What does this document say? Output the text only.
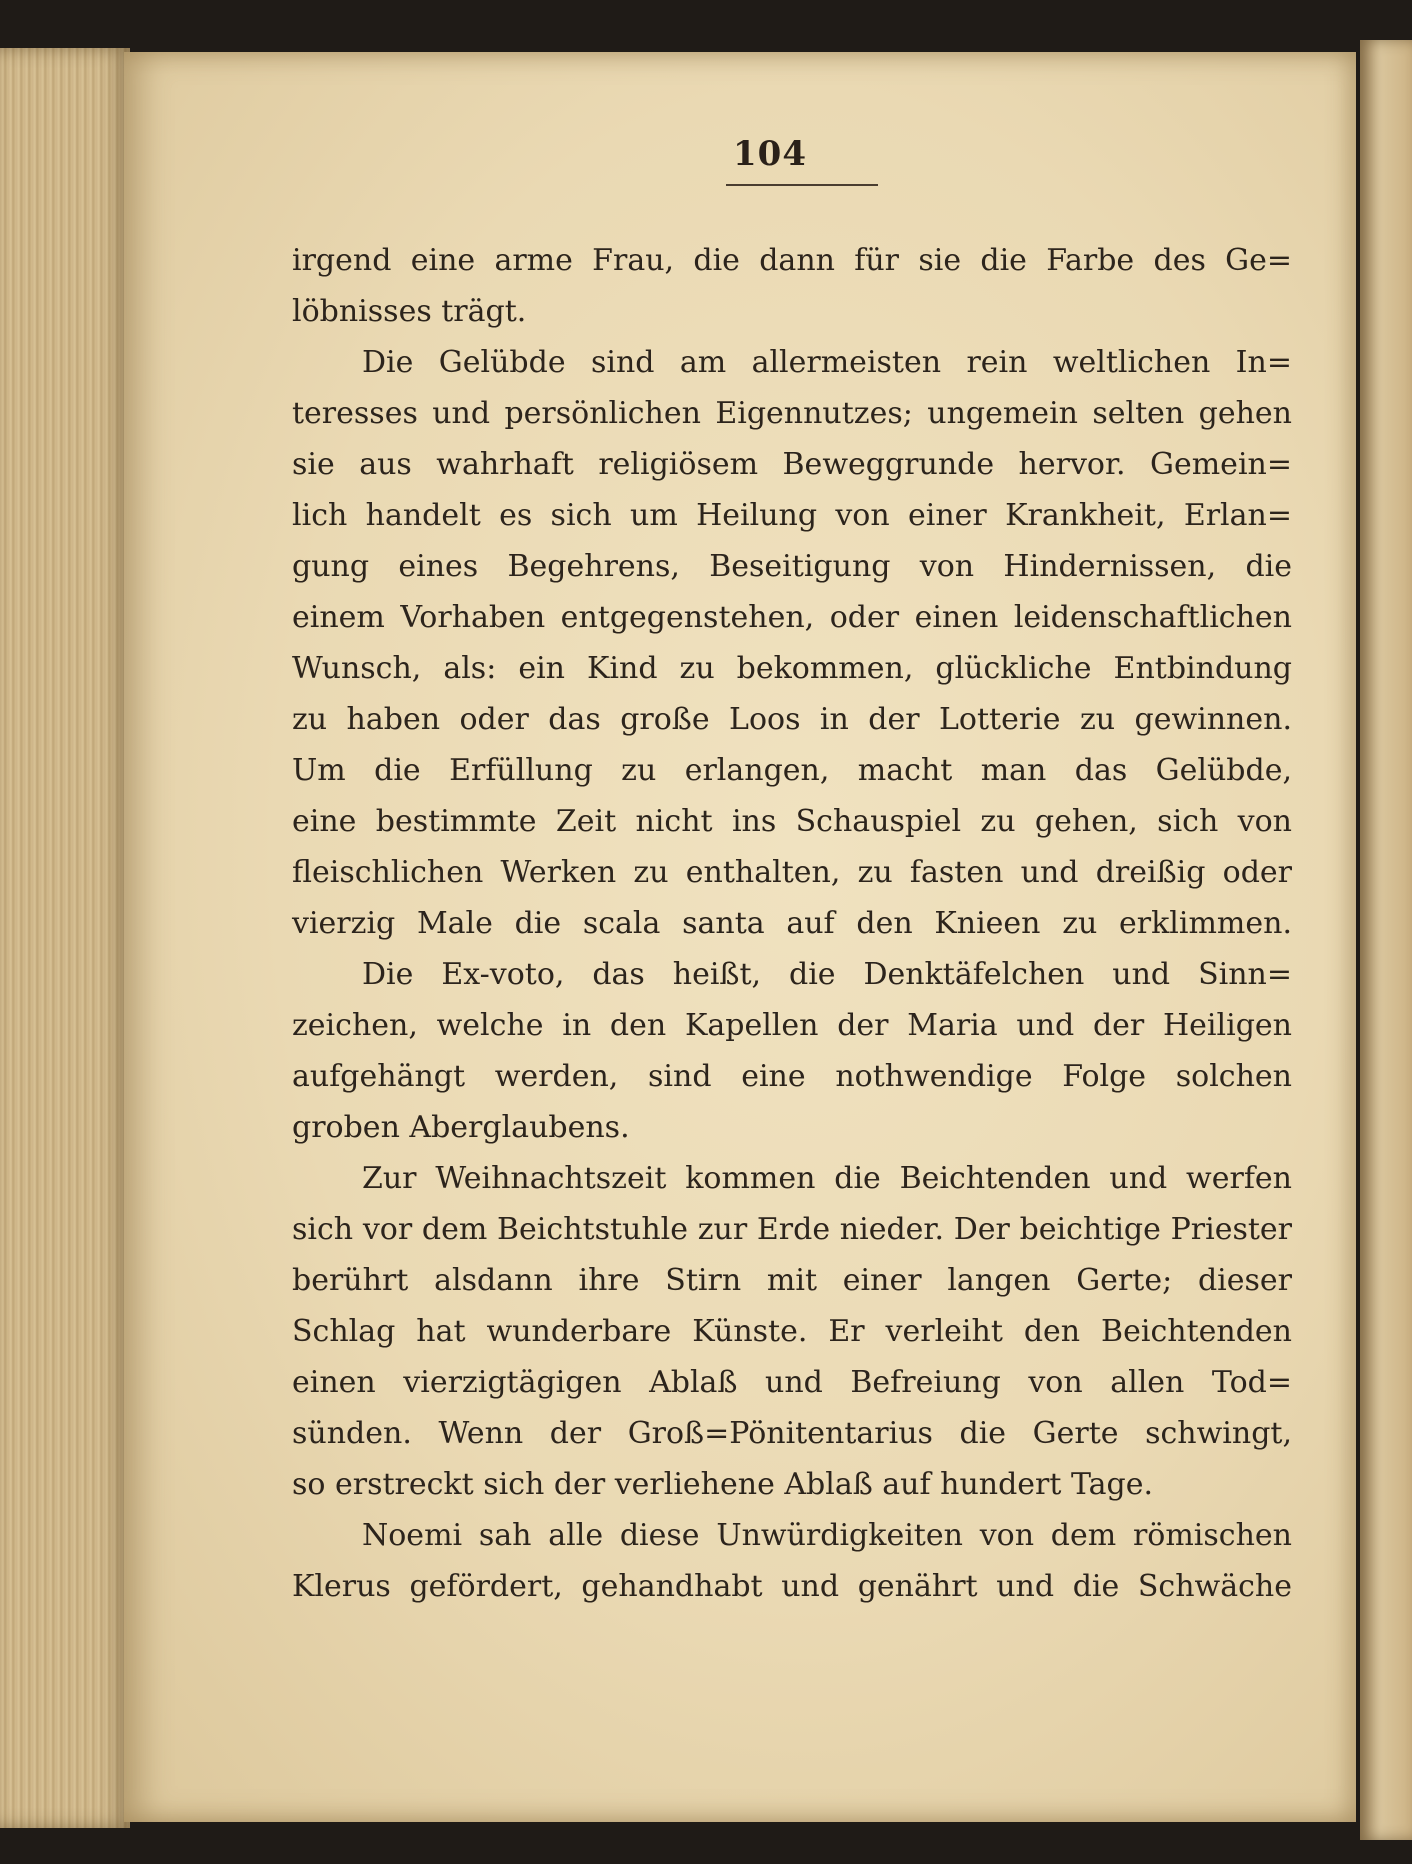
104
irgend eine arme Frau, die dann für sie die Farbe des Ge=
löbnisses trägt.
Die Gelübde sind am allermeisten rein weltlichen In=
teresses und persönlichen Eigennutzes; ungemein selten gehen
sie aus wahrhaft religiösem Beweggrunde hervor. Gemein=
lich handelt es sich um Heilung von einer Krankheit, Erlan=
gung eines Begehrens, Beseitigung von Hindernissen, die
einem Vorhaben entgegenstehen, oder einen leidenschaftlichen
Wunsch, als: ein Kind zu bekommen, glückliche Entbindung
zu haben oder das große Loos in der Lotterie zu gewinnen.
Um die Erfüllung zu erlangen, macht man das Gelübde,
eine bestimmte Zeit nicht ins Schauspiel zu gehen, sich von
fleischlichen Werken zu enthalten, zu fasten und dreißig oder
vierzig Male die scala santa auf den Knieen zu erklimmen.
Die Ex-voto, das heißt, die Denktäfelchen und Sinn=
zeichen, welche in den Kapellen der Maria und der Heiligen
aufgehängt werden, sind eine nothwendige Folge solchen
groben Aberglaubens.
Zur Weihnachtszeit kommen die Beichtenden und werfen
sich vor dem Beichtstuhle zur Erde nieder. Der beichtige Priester
berührt alsdann ihre Stirn mit einer langen Gerte; dieser
Schlag hat wunderbare Künste. Er verleiht den Beichtenden
einen vierzigtägigen Ablaß und Befreiung von allen Tod=
sünden. Wenn der Groß=Pönitentarius die Gerte schwingt,
so erstreckt sich der verliehene Ablaß auf hundert Tage.
Noemi sah alle diese Unwürdigkeiten von dem römischen
Klerus gefördert, gehandhabt und genährt und die Schwäche
